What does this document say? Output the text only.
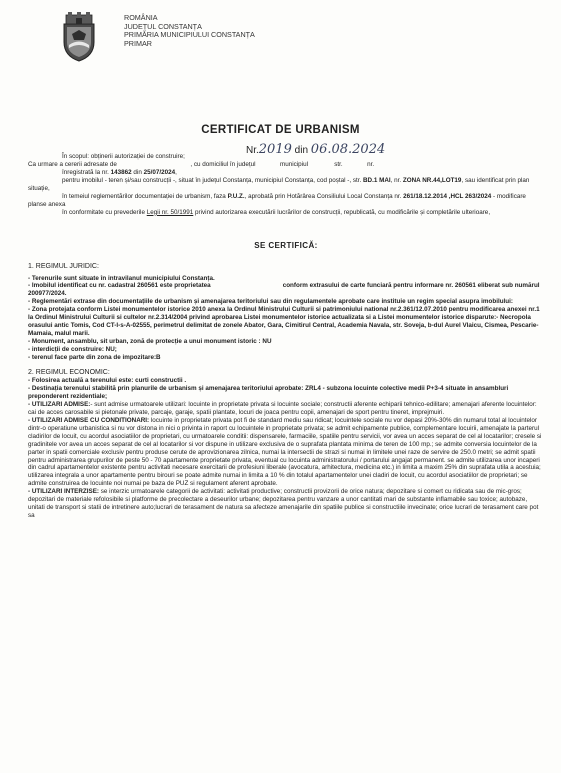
ROMÂNIA
JUDEȚUL CONSTANȚA
PRIMĂRIA MUNICIPIULUI CONSTANȚA
PRIMAR
CERTIFICAT DE URBANISM
Nr.2019 din 06.08.2024

În scopul: obținerii autorizației de construire;

Ca urmare a cererii adresate de                                          , cu domiciliul în județul              municipiul               str.              nr.

înregistrată la nr. 143862 din 25/07/2024,

pentru imobilul - teren și/sau construcții -, situat în județul Constanța, municipiul Constanța, cod poștal -, str. BD.1 MAI, nr. ZONA NR.44,LOT19, sau identificat prin plan situație,

în temeiul reglementărilor documentației de urbanism, faza P.U.Z., aprobată prin Hotărârea Consiliului Local Constanța nr. 261/18.12.2014 ,HCL 263/2024 - modificare planse anexa

în conformitate cu prevederile Legii nr. 50/1991 privind autorizarea executării lucrărilor de construcții, republicată, cu modificările și completările ulterioare,

SE CERTIFICĂ:

1. REGIMUL JURIDIC:

- Terenurile sunt situate în intravilanul municipiului Constanța.

- Imobilul identificat cu nr. cadastral 260561 este proprietatea	conform extrasului de carte funciară pentru informare nr. 260561 eliberat sub numărul 200977/2024.

- Reglementări extrase din documentațiile de urbanism și amenajarea teritoriului sau din regulamentele aprobate care instituie un regim special asupra imobilului:

- Zona protejata conform Listei monumentelor istorice 2010 anexa la Ordinul Ministrului Culturii si patrimoniului national nr.2.361/12.07.2010 pentru modificarea anexei nr.1 la Ordinul Ministrului Culturii si cultelor nr.2.314/2004 privind aprobarea Listei monumentelor istorice actualizata si a Listei monumentelor istorice disparute:- Necropola orasului antic Tomis, Cod CT-I-s-A-02555, perimetrul delimitat de zonele Abator, Gara, Cimitirul Central, Academia Navala, str. Soveja, b-dul Aurel Vlaicu, Cismea, Pescarie-Mamaia, malul marii.

- Monument, ansamblu, sit urban, zonă de protecție a unui monument istoric : NU

- interdicții de construire: NU;

- terenul face parte din zona de impozitare:B

2. REGIMUL ECONOMIC:

- Folosirea actuală a terenului este: curti constructii .

- Destinația terenului stabilită prin planurile de urbanism și amenajarea teritoriului aprobate: ZRL4 - subzona locuinte colective medii P+3-4 situate in ansambluri preponderent rezidentiale;

- UTILIZARI ADMISE:- sunt admise urmatoarele utilizari: locuinte in proprietate privata si locuinte sociale; constructii aferente echiparii tehnico-edilitare; amenajari aferente locuintelor: cai de acces carosabile si pietonale private, parcaje, garaje, spatii plantate, locuri de joaca pentru copii, amenajari de sport pentru tineret, imprejmuiri.

- UTILIZARI ADMISE CU CONDITIONARI: locuinte in proprietate privata pot fi de standard mediu sau ridicat; locuintele sociale nu vor depasi 20%-30% din numarul total al locuintelor dintr-o operatiune urbanistica si nu vor distona in nici o privinta in raport cu locuintele in proprietate privata; se admit echipamente publice, complementare locuirii, amenajate la parterul cladirilor de locuit, cu acordul asociatiilor de proprietari, cu urmatoarele conditii: dispensarele, farmaciile, spatiile pentru servicii, vor avea un acces separat de cel al locatarilor; cresele si gradinitele vor avea un acces separat de cel al locatarilor si vor dispune in utilizare exclusiva de o suprafata plantata minima de teren de 100 mp.; se admite conversia locuintelor de la parter in spatii comerciale exclusiv pentru produse cerute de aprovizionarea zilnica, numai la intersectii de strazi si numai in limitele unei raze de servire de 250.0 metri; se admit spatii pentru administrarea grupurilor de peste 50 - 70 apartamente proprietate privata, eventual cu locuinta administratorului / portarului angajat permanent. se admite utilizarea unor incaperi din cadrul apartamentelor existente pentru activitati necesare exercitarii de profesiuni liberale (avocatura, arhitectura, medicina etc.) in limita a maxim 25% din suprafata utila a acestuia; utilizarea integrala a unor apartamente pentru birouri se poate admite numai in limita a 10 % din totalul apartamentelor unei cladiri de locuit, cu acordul asociatiilor de proprietari; se admite construirea de locuinte noi numai pe baza de PUZ si regulament aferent aprobate.

- UTILIZARI INTERZISE: se interzic urmatoarele categorii de activitati: activitati productive; constructii provizorii de orice natura; depozitare si comert cu ridicata sau de mic-gros; depozitari de materiale refolosibile si platforme de precolectare a deseurilor urbane; depozitarea pentru vanzare a unor cantitati mari de substante inflamabile sau toxice; autobaze, unitati de transport si statii de intretinere auto;lucrari de terasament de natura sa afecteze amenajarile din spatiile publice si constructiile invecinate; orice lucrari de terasament care pot sa
